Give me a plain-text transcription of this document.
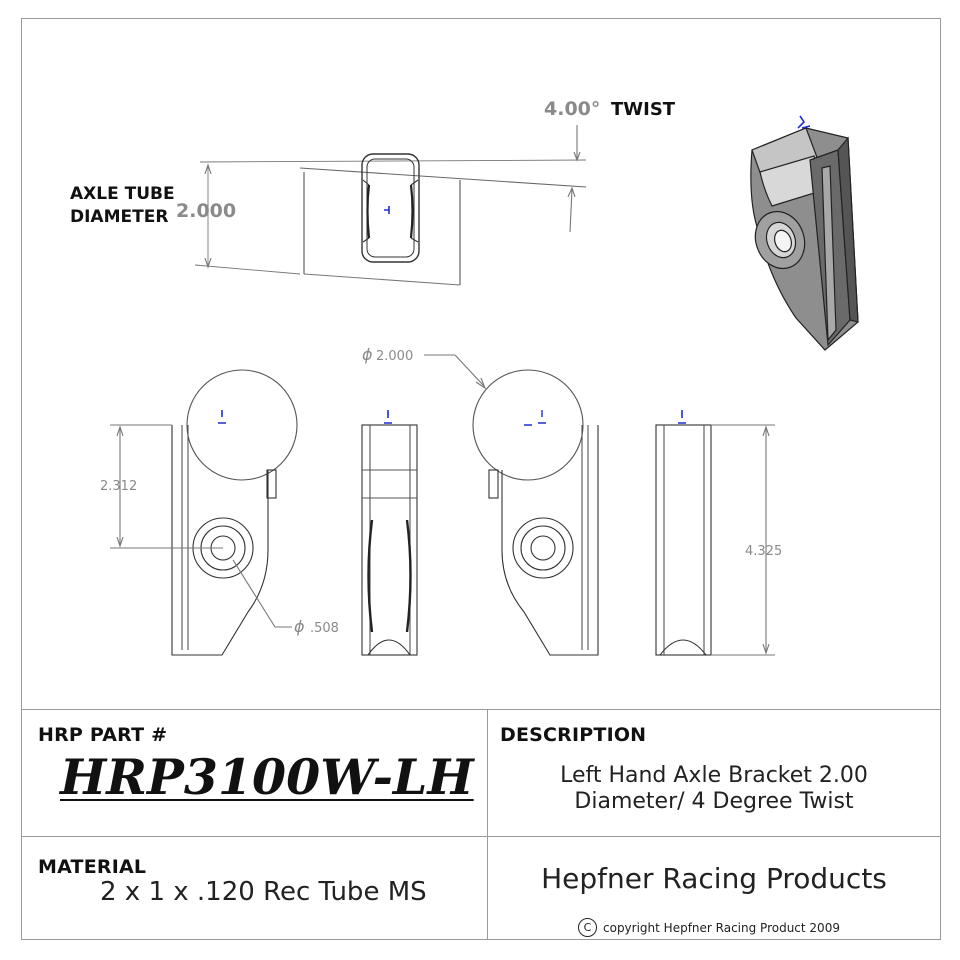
4.00° TWIST
AXLE TUBE
DIAMETER 2.000
2.312
ϕ .508
ϕ 2.000
4.325
HRP PART #
HRP3100W-LH
DESCRIPTION
Left Hand Axle Bracket 2.00
Diameter/ 4 Degree Twist
MATERIAL
2 x 1 x .120 Rec Tube MS	Hepfner Racing Products
C copyright Hepfner Racing Product 2009
